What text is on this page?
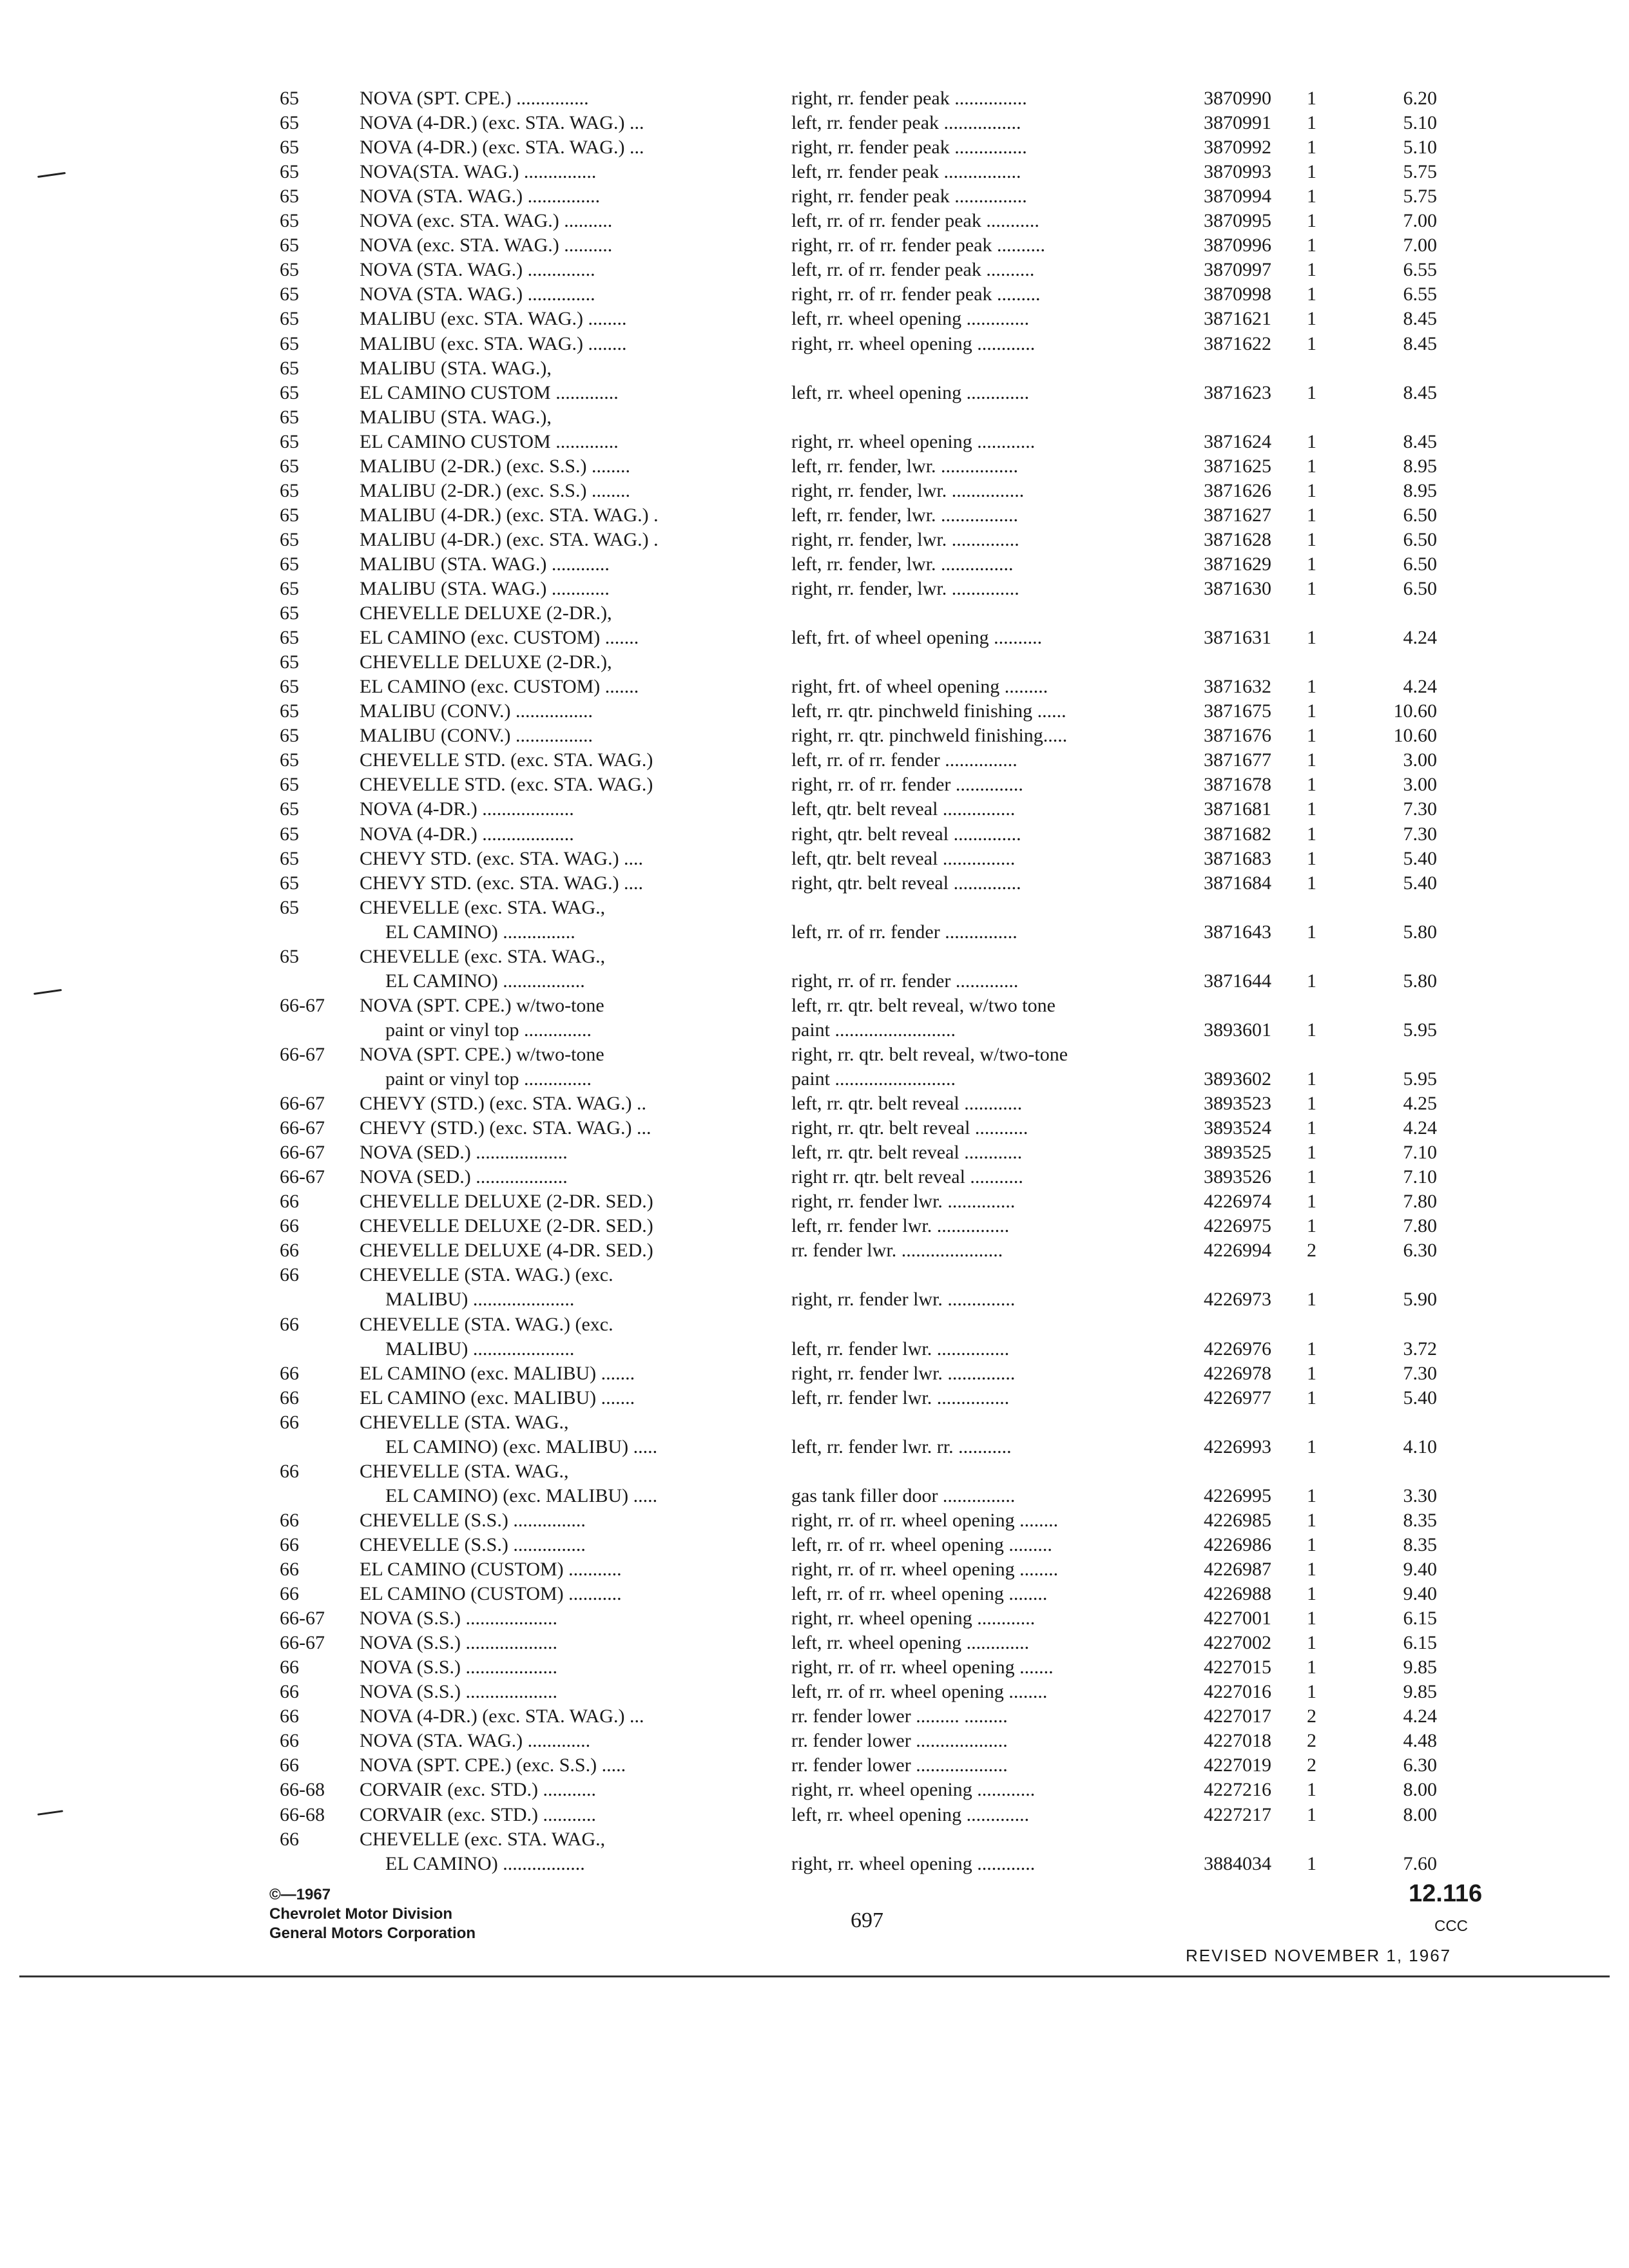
65	NOVA (SPT. CPE.) ...............	right, rr. fender peak ...............	3870990 1	6.20
65	NOVA (4-DR.) (exc. STA. WAG.) ...	left, rr. fender peak ................	3870991 1	5.10
65	NOVA (4-DR.) (exc. STA. WAG.) ...	right, rr. fender peak ...............	3870992 1	5.10
65	NOVA(STA. WAG.) ...............	left, rr. fender peak ................	3870993 1	5.75
65	NOVA (STA. WAG.) ...............	right, rr. fender peak ...............	3870994 1	5.75
65	NOVA (exc. STA. WAG.) ..........	left, rr. of rr. fender peak ...........	3870995 1	7.00
65	NOVA (exc. STA. WAG.) ..........	right, rr. of rr. fender peak ..........	3870996 1	7.00
65	NOVA (STA. WAG.) ..............	left, rr. of rr. fender peak ..........	3870997 1	6.55
65	NOVA (STA. WAG.) ..............	right, rr. of rr. fender peak .........	3870998 1	6.55
65	MALIBU (exc. STA. WAG.) ........	left, rr. wheel opening .............	3871621 1	8.45
65	MALIBU (exc. STA. WAG.) ........	right, rr. wheel opening ............	3871622 1	8.45
65	MALIBU (STA. WAG.),
65	EL CAMINO CUSTOM .............	left, rr. wheel opening .............	3871623 1	8.45
65	MALIBU (STA. WAG.),
65	EL CAMINO CUSTOM .............	right, rr. wheel opening ............	3871624 1	8.45
65	MALIBU (2-DR.) (exc. S.S.) ........	left, rr. fender, lwr. ................	3871625 1	8.95
65	MALIBU (2-DR.) (exc. S.S.) ........	right, rr. fender, lwr. ...............	3871626 1	8.95
65	MALIBU (4-DR.) (exc. STA. WAG.) .	left, rr. fender, lwr. ................	3871627 1	6.50
65	MALIBU (4-DR.) (exc. STA. WAG.) .	right, rr. fender, lwr. ..............	3871628 1	6.50
65	MALIBU (STA. WAG.) ............	left, rr. fender, lwr. ...............	3871629 1	6.50
65	MALIBU (STA. WAG.) ............	right, rr. fender, lwr. ..............	3871630 1	6.50
65	CHEVELLE DELUXE (2-DR.),
65	EL CAMINO (exc. CUSTOM) .......	left, frt. of wheel opening ..........	3871631 1	4.24
65	CHEVELLE DELUXE (2-DR.),
65	EL CAMINO (exc. CUSTOM) .......	right, frt. of wheel opening .........	3871632 1	4.24
65	MALIBU (CONV.) ................	left, rr. qtr. pinchweld finishing ......	3871675 1	10.60
65	MALIBU (CONV.) ................	right, rr. qtr. pinchweld finishing.....	3871676 1	10.60
65	CHEVELLE STD. (exc. STA. WAG.)	left, rr. of rr. fender ...............	3871677 1	3.00
65	CHEVELLE STD. (exc. STA. WAG.)	right, rr. of rr. fender ..............	3871678 1	3.00
65	NOVA (4-DR.) ...................	left, qtr. belt reveal ...............	3871681 1	7.30
65	NOVA (4-DR.) ...................	right, qtr. belt reveal ..............	3871682 1	7.30
65	CHEVY STD. (exc. STA. WAG.) ....	left, qtr. belt reveal ...............	3871683 1	5.40
65	CHEVY STD. (exc. STA. WAG.) ....	right, qtr. belt reveal ..............	3871684 1	5.40
65	CHEVELLE (exc. STA. WAG.,
EL CAMINO) ...............	left, rr. of rr. fender ...............	3871643 1	5.80
65	CHEVELLE (exc. STA. WAG.,
EL CAMINO) .................	right, rr. of rr. fender .............	3871644 1	5.80
66-67 NOVA (SPT. CPE.) w/two-tone	left, rr. qtr. belt reveal, w/two tone
paint or vinyl top ..............	paint .........................	3893601 1	5.95
66-67 NOVA (SPT. CPE.) w/two-tone	right, rr. qtr. belt reveal, w/two-tone
paint or vinyl top ..............	paint .........................	3893602 1	5.95
66-67 CHEVY (STD.) (exc. STA. WAG.) ..	left, rr. qtr. belt reveal ............	3893523 1	4.25
66-67 CHEVY (STD.) (exc. STA. WAG.) ...	right, rr. qtr. belt reveal ...........	3893524 1	4.24
66-67 NOVA (SED.) ...................	left, rr. qtr. belt reveal ............	3893525 1	7.10
66-67 NOVA (SED.) ...................	right rr. qtr. belt reveal ...........	3893526 1	7.10
66	CHEVELLE DELUXE (2-DR. SED.)	right, rr. fender lwr. ..............	4226974 1	7.80
66	CHEVELLE DELUXE (2-DR. SED.)	left, rr. fender lwr. ...............	4226975 1	7.80
66	CHEVELLE DELUXE (4-DR. SED.)	rr. fender lwr. .....................	4226994 2	6.30
66	CHEVELLE (STA. WAG.) (exc.
MALIBU) .....................	right, rr. fender lwr. ..............	4226973 1	5.90
66	CHEVELLE (STA. WAG.) (exc.
MALIBU) .....................	left, rr. fender lwr. ...............	4226976 1	3.72
66	EL CAMINO (exc. MALIBU) .......	right, rr. fender lwr. ..............	4226978 1	7.30
66	EL CAMINO (exc. MALIBU) .......	left, rr. fender lwr. ...............	4226977 1	5.40
66	CHEVELLE (STA. WAG.,
EL CAMINO) (exc. MALIBU) .....	left, rr. fender lwr. rr. ...........	4226993 1	4.10
66	CHEVELLE (STA. WAG.,
EL CAMINO) (exc. MALIBU) .....	gas tank filler door ...............	4226995 1	3.30
66	CHEVELLE (S.S.) ...............	right, rr. of rr. wheel opening ........	4226985 1	8.35
66	CHEVELLE (S.S.) ...............	left, rr. of rr. wheel opening .........	4226986 1	8.35
66	EL CAMINO (CUSTOM) ...........	right, rr. of rr. wheel opening ........	4226987 1	9.40
66	EL CAMINO (CUSTOM) ...........	left, rr. of rr. wheel opening ........	4226988 1	9.40
66-67 NOVA (S.S.) ...................	right, rr. wheel opening ............	4227001 1	6.15
66-67 NOVA (S.S.) ...................	left, rr. wheel opening .............	4227002 1	6.15
66	NOVA (S.S.) ...................	right, rr. of rr. wheel opening .......	4227015 1	9.85
66	NOVA (S.S.) ...................	left, rr. of rr. wheel opening ........	4227016 1	9.85
66	NOVA (4-DR.) (exc. STA. WAG.) ...	rr. fender lower ......... .........	4227017 2	4.24
66	NOVA (STA. WAG.) .............	rr. fender lower ...................	4227018 2	4.48
66	NOVA (SPT. CPE.) (exc. S.S.) .....	rr. fender lower ...................	4227019 2	6.30
66-68 CORVAIR (exc. STD.) ...........	right, rr. wheel opening ............	4227216 1	8.00
66-68 CORVAIR (exc. STD.) ...........	left, rr. wheel opening .............	4227217 1	8.00
66	CHEVELLE (exc. STA. WAG.,
EL CAMINO) .................	right, rr. wheel opening ............	3884034 1	7.60
©—1967
Chevrolet Motor Division
General Motors Corporation
697
12.116
CCC
REVISED NOVEMBER 1, 1967
